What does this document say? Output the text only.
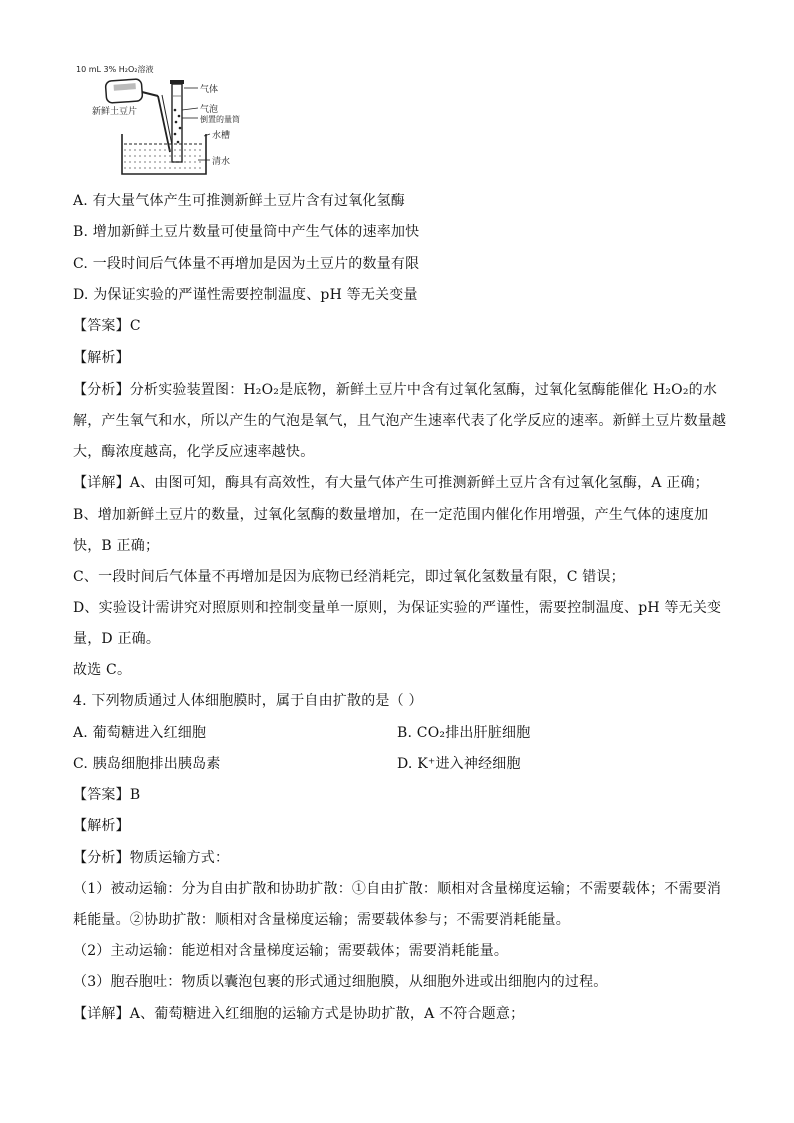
10 mL 3% H₂O₂溶液
新鲜土豆片
气体
气泡
倒置的量筒
水槽
清水
A. 有大量气体产生可推测新鲜土豆片含有过氧化氢酶
B. 增加新鲜土豆片数量可使量筒中产生气体的速率加快
C. 一段时间后气体量不再增加是因为土豆片的数量有限
D. 为保证实验的严谨性需要控制温度、pH 等无关变量
【答案】C
【解析】
【分析】分析实验装置图：H₂O₂是底物，新鲜土豆片中含有过氧化氢酶，过氧化氢酶能催化 H₂O₂的水
解，产生氧气和水，所以产生的气泡是氧气，且气泡产生速率代表了化学反应的速率。新鲜土豆片数量越
大，酶浓度越高，化学反应速率越快。
【详解】A、由图可知，酶具有高效性，有大量气体产生可推测新鲜土豆片含有过氧化氢酶，A 正确；
B、增加新鲜土豆片的数量，过氧化氢酶的数量增加，在一定范围内催化作用增强，产生气体的速度加
快，B 正确；
C、一段时间后气体量不再增加是因为底物已经消耗完，即过氧化氢数量有限，C 错误；
D、实验设计需讲究对照原则和控制变量单一原则，为保证实验的严谨性，需要控制温度、pH 等无关变
量，D 正确。
故选 C。
4. 下列物质通过人体细胞膜时，属于自由扩散的是（ ）
A. 葡萄糖进入红细胞	B. CO₂排出肝脏细胞
C. 胰岛细胞排出胰岛素	D. K⁺进入神经细胞
【答案】B
【解析】
【分析】物质运输方式：
（1）被动运输：分为自由扩散和协助扩散：①自由扩散：顺相对含量梯度运输；不需要载体；不需要消
耗能量。②协助扩散：顺相对含量梯度运输；需要载体参与；不需要消耗能量。
（2）主动运输：能逆相对含量梯度运输；需要载体；需要消耗能量。
（3）胞吞胞吐：物质以囊泡包裹的形式通过细胞膜，从细胞外进或出细胞内的过程。
【详解】A、葡萄糖进入红细胞的运输方式是协助扩散，A 不符合题意；
